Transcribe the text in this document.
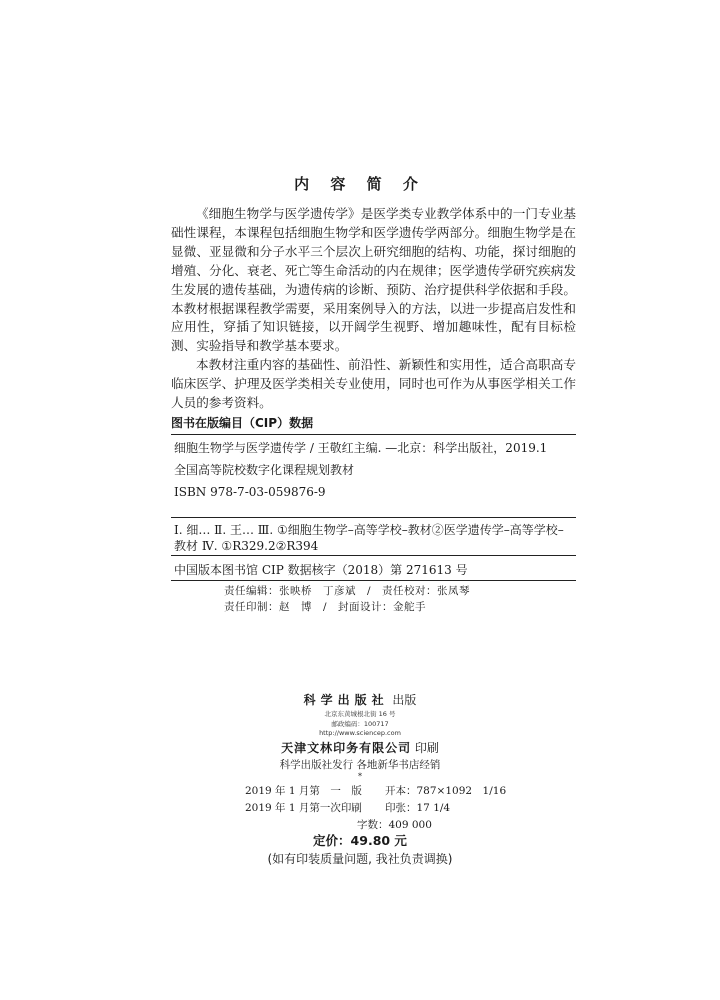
内 容 简 介

《细胞生物学与医学遗传学》是医学类专业教学体系中的一门专业基础性课程，本课程包括细胞生物学和医学遗传学两部分。细胞生物学是在显微、亚显微和分子水平三个层次上研究细胞的结构、功能，探讨细胞的增殖、分化、衰老、死亡等生命活动的内在规律；医学遗传学研究疾病发生发展的遗传基础，为遗传病的诊断、预防、治疗提供科学依据和手段。本教材根据课程教学需要，采用案例导入的方法，以进一步提高启发性和应用性，穿插了知识链接，以开阔学生视野、增加趣味性，配有目标检测、实验指导和教学基本要求。

本教材注重内容的基础性、前沿性、新颖性和实用性，适合高职高专临床医学、护理及医学类相关专业使用，同时也可作为从事医学相关工作人员的参考资料。

图书在版编目（CIP）数据
细胞生物学与医学遗传学 / 王敬红主编. —北京：科学出版社，2019.1
全国高等院校数字化课程规划教材
ISBN 978-7-03-059876-9
Ⅰ. 细… Ⅱ. 王… Ⅲ. ①细胞生物学–高等学校–教材②医学遗传学–高等学校–教材 Ⅳ. ①R329.2②R394
中国版本图书馆 CIP 数据核字（2018）第 271613 号
责任编辑：张映桥　丁彦斌　/　责任校对：张凤琴
责任印制：赵　博　/　封面设计：金舵手
科学出版社 出版
北京东黄城根北街 16 号
邮政编码：100717
http://www.sciencep.com
天津文林印务有限公司 印刷
科学出版社发行 各地新华书店经销
*
2019 年 1 月第　一　版 开本：787×1092　1/16
2019 年 1 月第一次印刷 印张：17 1/4
字数：409 000
定价：49.80 元
(如有印装质量问题, 我社负责调换)
